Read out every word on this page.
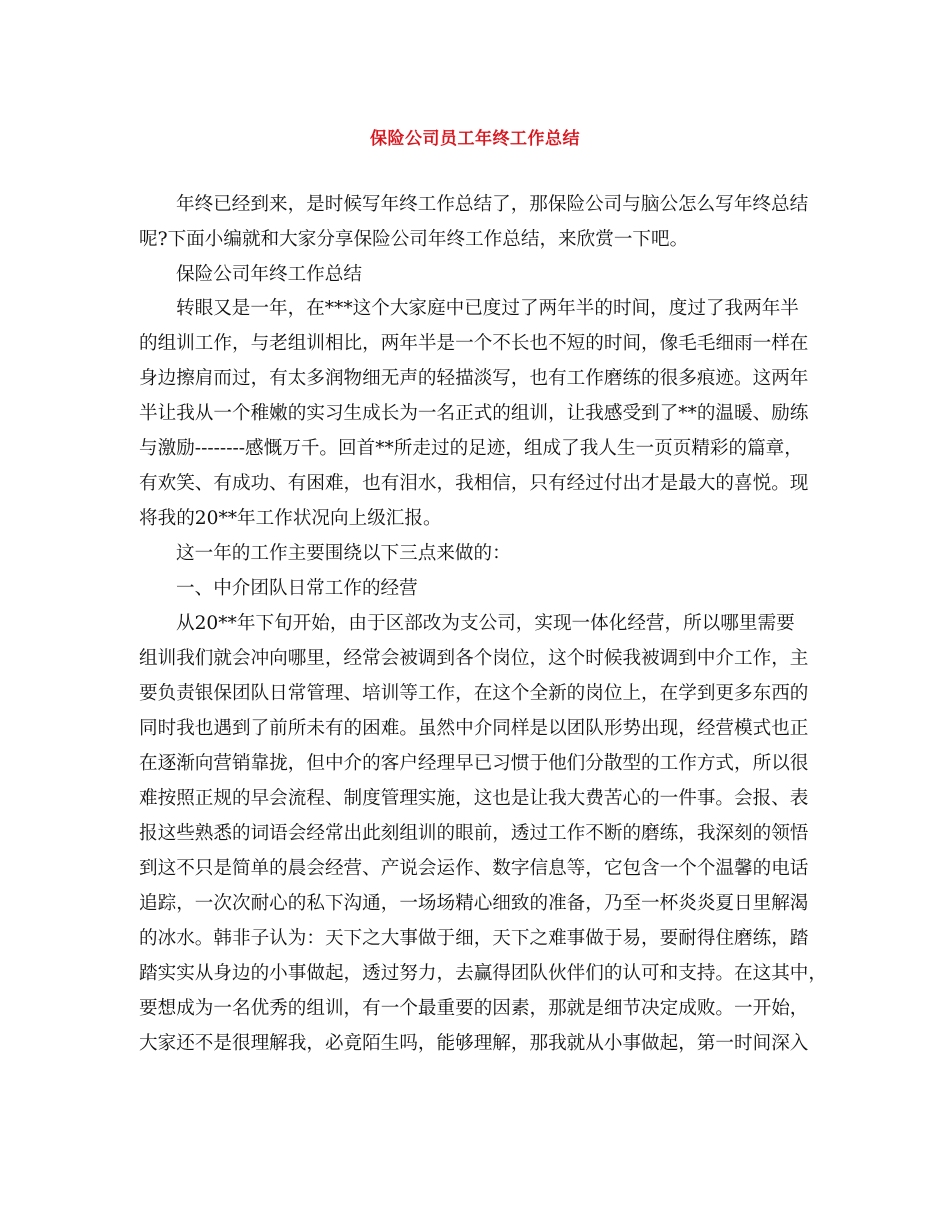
保险公司员工年终工作总结
年终已经到来，是时候写年终工作总结了，那保险公司与脑公怎么写年终总结
呢?下面小编就和大家分享保险公司年终工作总结，来欣赏一下吧。
保险公司年终工作总结
转眼又是一年，在***这个大家庭中已度过了两年半的时间，度过了我两年半
的组训工作，与老组训相比，两年半是一个不长也不短的时间，像毛毛细雨一样在
身边擦肩而过，有太多润物细无声的轻描淡写，也有工作磨练的很多痕迹。这两年
半让我从一个稚嫩的实习生成长为一名正式的组训，让我感受到了**的温暖、励练
与激励--------感慨万千。回首**所走过的足迹，组成了我人生一页页精彩的篇章，
有欢笑、有成功、有困难，也有泪水，我相信，只有经过付出才是最大的喜悦。现
将我的20**年工作状况向上级汇报。
这一年的工作主要围绕以下三点来做的：
一、中介团队日常工作的经营
从20**年下旬开始，由于区部改为支公司，实现一体化经营，所以哪里需要
组训我们就会冲向哪里，经常会被调到各个岗位，这个时候我被调到中介工作，主
要负责银保团队日常管理、培训等工作，在这个全新的岗位上，在学到更多东西的
同时我也遇到了前所未有的困难。虽然中介同样是以团队形势出现，经营模式也正
在逐渐向营销靠拢，但中介的客户经理早已习惯于他们分散型的工作方式，所以很
难按照正规的早会流程、制度管理实施，这也是让我大费苦心的一件事。会报、表
报这些熟悉的词语会经常出此刻组训的眼前，透过工作不断的磨练，我深刻的领悟
到这不只是简单的晨会经营、产说会运作、数字信息等，它包含一个个温馨的电话
追踪，一次次耐心的私下沟通，一场场精心细致的准备，乃至一杯炎炎夏日里解渴
的冰水。韩非子认为：天下之大事做于细，天下之难事做于易，要耐得住磨练，踏
踏实实从身边的小事做起，透过努力，去赢得团队伙伴们的认可和支持。在这其中，
要想成为一名优秀的组训，有一个最重要的因素，那就是细节决定成败。一开始，
大家还不是很理解我，必竟陌生吗，能够理解，那我就从小事做起，第一时间深入
